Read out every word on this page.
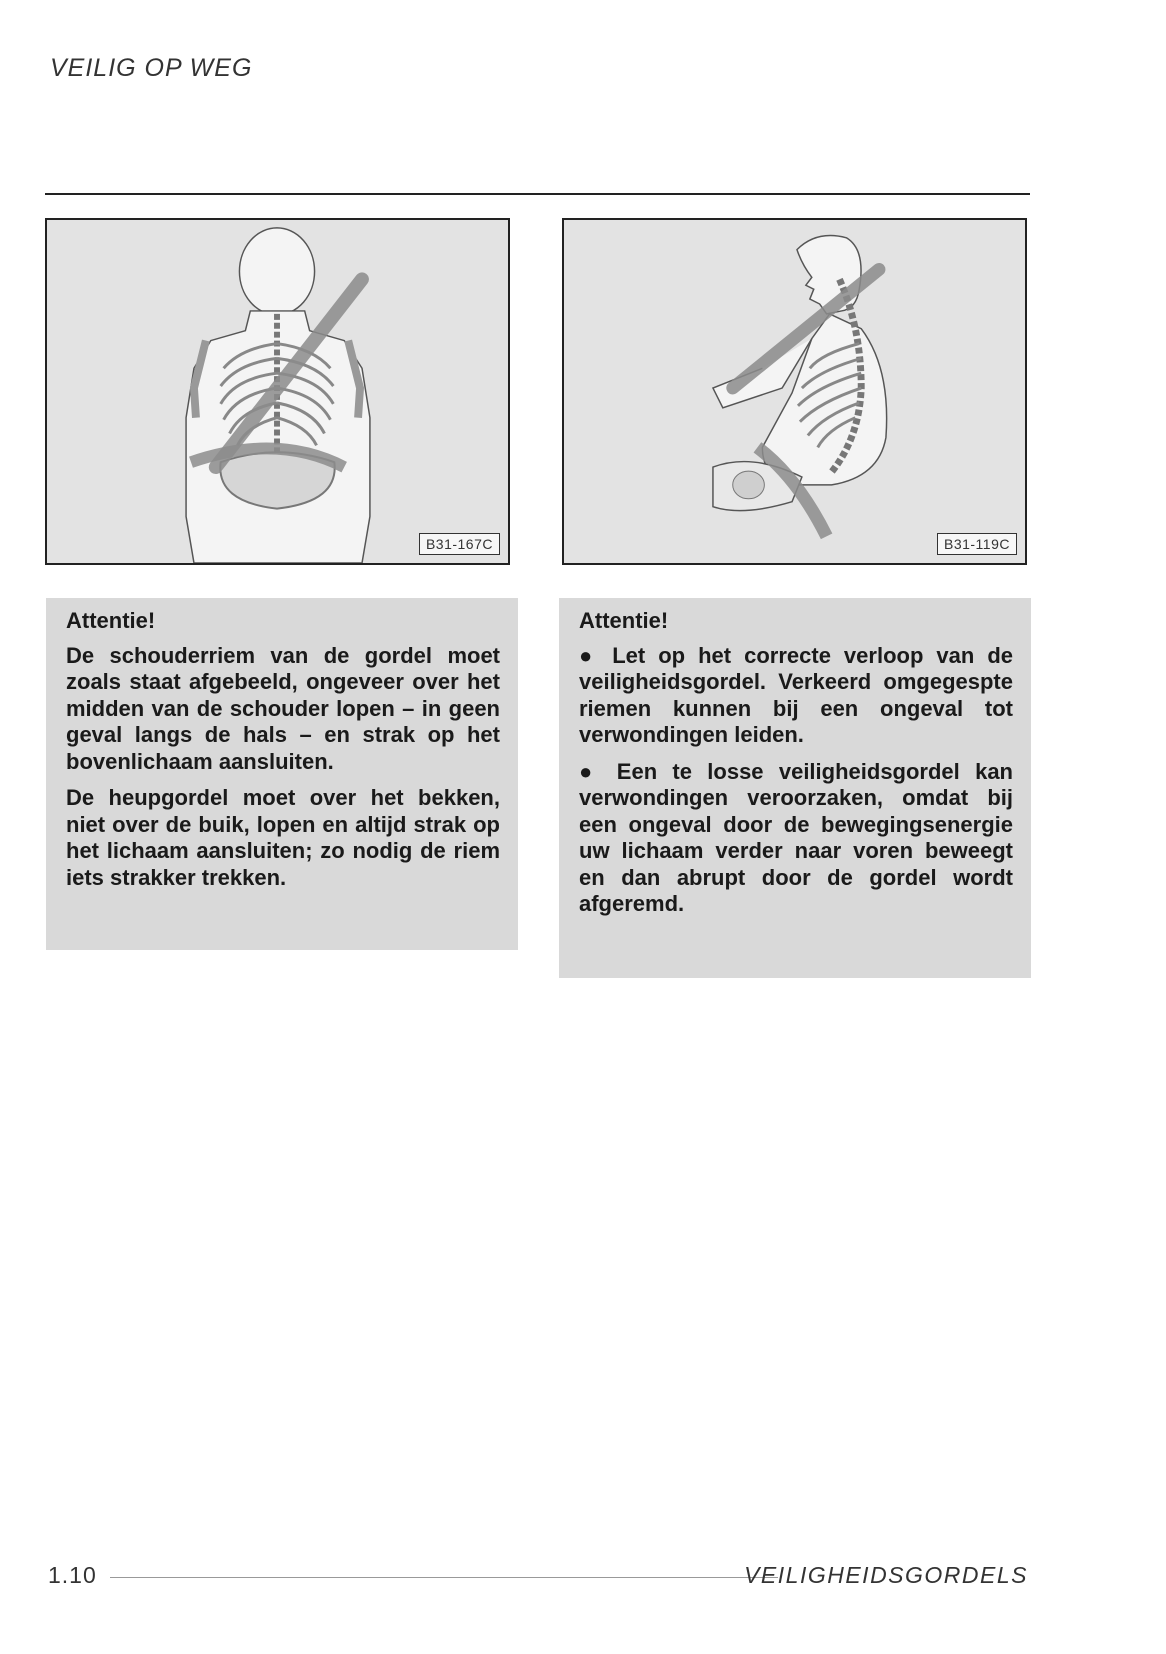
VEILIG OP WEG
B31-167C	B31-119C
Attentie!

De schouderriem van de gordel moet zoals staat afgebeeld, ongeveer over het midden van de schouder lopen – in geen geval langs de hals – en strak op het bovenlichaam aansluiten.

De heupgordel moet over het bekken, niet over de buik, lopen en altijd strak op het lichaam aansluiten; zo nodig de riem iets strakker trekken.

Attentie!

● Let op het correcte verloop van de veiligheidsgordel. Verkeerd omgegespte riemen kunnen bij een ongeval tot verwondingen leiden.

● Een te losse veiligheidsgordel kan verwondingen veroorzaken, omdat bij een ongeval door de bewegingsenergie uw lichaam verder naar voren beweegt en dan abrupt door de gordel wordt afgeremd.

1.10	VEILIGHEIDSGORDELS
